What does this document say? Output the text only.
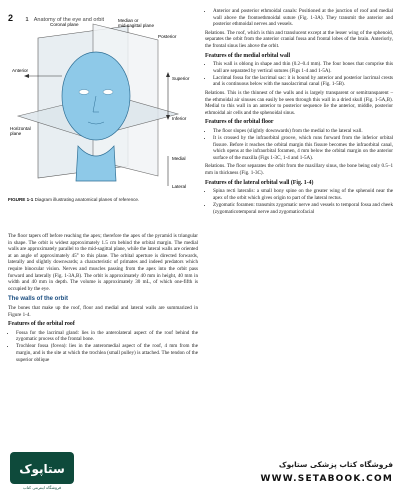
2 1 Anatomy of the eye and orbit	Median or mid-sagittal plane
Coronal plane
Posterior
Anterior
Superior
Inferior
Horizontal plane
Medial
Lateral
FIGURE 1-1 Diagram illustrating anatomical planes of reference.

The floor tapers off before reaching the apex; therefore the apex of the pyramid is triangular in shape. The orbit is widest approximately 1.5 cm behind the orbital margin. The medial walls are approximately parallel to the mid-sagittal plane, while the lateral walls are oriented at an angle of approximately 45° to this plane. The orbital aperture is directed forwards, laterally and slightly downwards; a characteristic of primates and indeed predators which require binocular vision. Nerves and muscles passing from the apex into the orbit pass forward and laterally (Fig. 1-3A,B). The orbit is approximately 40 mm in height, 40 mm in width and 40 mm in depth. The volume is approximately 30 mL, of which one-fifth is occupied by the eye.

The walls of the orbit

The bones that make up the roof, floor and medial and lateral walls are summarized in Figure 1-4.

Features of the orbital roof
• Fossa for the lacrimal gland: lies in the anterolateral aspect of the roof behind the zygomatic process of the frontal bone.
• Trochlear fossa (fovea): lies in the anteromedial aspect of the roof, 4 mm from the margin, and is the site at which the trochlea (small pulley) is attached. The tendon of the superior oblique
• Anterior and posterior ethmoidal canals: Positioned at the junction of roof and medial wall above the frontoethmoidal suture (Fig. 1-3A). They transmit the anterior and posterior ethmoidal nerves and vessels.

Relations. The roof, which is thin and translucent except at the lesser wing of the sphenoid, separates the orbit from the anterior cranial fossa and frontal lobes of the brain. Anteriorly, the frontal sinus lies above the orbit.

Features of the medial orbital wall
• This wall is oblong in shape and thin (0.2–0.4 mm). The four bones that comprise this wall are separated by vertical sutures (Figs 1-4 and 1-5A).
• Lacrimal fossa for the lacrimal sac: it is bound by anterior and posterior lacrimal crests and is continuous below with the nasolacrimal canal (Fig. 1-5B).

Relations. This is the thinnest of the walls and is largely transparent or semitransparent – the ethmoidal air sinuses can easily be seen through this wall in a dried skull (Fig. 1-5A,B). Medial to this wall in an anterior to posterior sequence lie the anterior, middle, posterior ethmoidal air cells and the sphenoidal sinus.

Features of the orbital floor
• The floor slopes (slightly downwards) from the medial to the lateral wall.
• It is crossed by the infraorbital groove, which runs forward from the inferior orbital fissure. Before it reaches the orbital margin this fissure becomes the infraorbital canal, which opens at the infraorbital foramen, 4 mm below the orbital margin on the anterior surface of the maxilla (Figs 1-3C, 1-4 and 1-5A).

Relations. The floor separates the orbit from the maxillary sinus, the bone being only 0.5–1 mm in thickness (Fig. 1-3C).

Features of the lateral orbital wall (Fig. 1-4)
• Spina recti lateralis: a small bony spine on the greater wing of the sphenoid near the apex of the orbit which gives origin to part of the lateral rectus.
• Zygomatic foramen: transmits zygomatic nerve and vessels to temporal fossa and cheek (zygomaticotemporal nerve and zygomaticofacial
ستاپوک
فروشگاه اینترنتی کتاب
فروشگاه کتاب پزشکی ستابوک
WWW.SETABOOK.COM
